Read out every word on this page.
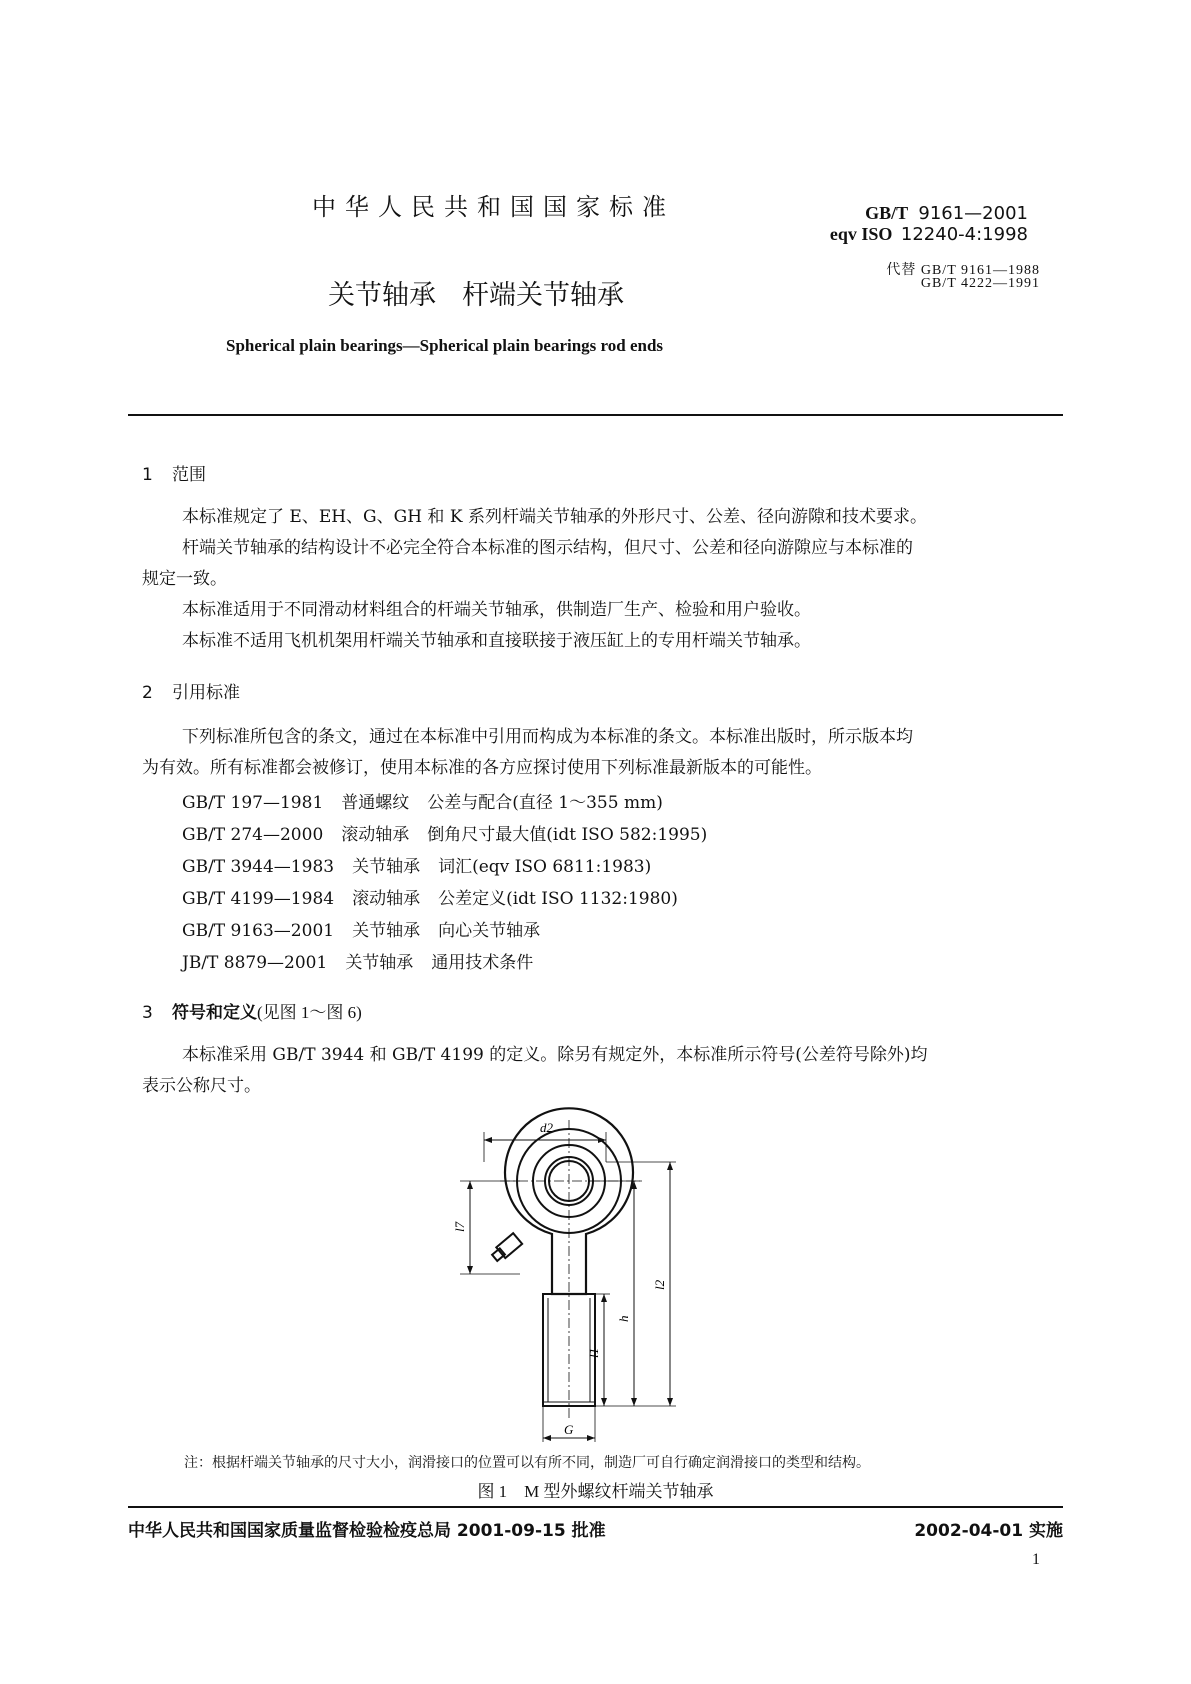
中华人民共和国国家标准	GB/T 9161—2001
eqv ISO 12240-4:1998
代替 GB/T 9161—1988
GB/T 4222—1991
关节轴承 杆端关节轴承
Spherical plain bearings—Spherical plain bearings rod ends
1 范围
本标准规定了 E、EH、G、GH 和 K 系列杆端关节轴承的外形尺寸、公差、径向游隙和技术要求。
杆端关节轴承的结构设计不必完全符合本标准的图示结构，但尺寸、公差和径向游隙应与本标准的
规定一致。
本标准适用于不同滑动材料组合的杆端关节轴承，供制造厂生产、检验和用户验收。
本标准不适用飞机机架用杆端关节轴承和直接联接于液压缸上的专用杆端关节轴承。
2 引用标准
下列标准所包含的条文，通过在本标准中引用而构成为本标准的条文。本标准出版时，所示版本均
为有效。所有标准都会被修订，使用本标准的各方应探讨使用下列标准最新版本的可能性。
GB/T 197—1981 普通螺纹 公差与配合(直径 1～355 mm)
GB/T 274—2000 滚动轴承 倒角尺寸最大值(idt ISO 582:1995)
GB/T 3944—1983 关节轴承 词汇(eqv ISO 6811:1983)
GB/T 4199—1984 滚动轴承 公差定义(idt ISO 1132:1980)
GB/T 9163—2001 关节轴承 向心关节轴承
JB/T 8879—2001 关节轴承 通用技术条件
3 符号和定义(见图 1～图 6)
本标准采用 GB/T 3944 和 GB/T 4199 的定义。除另有规定外，本标准所示符号(公差符号除外)均
表示公称尺寸。
d2
l7
l2
h
l1
G
注：根据杆端关节轴承的尺寸大小，润滑接口的位置可以有所不同，制造厂可自行确定润滑接口的类型和结构。
图 1　M 型外螺纹杆端关节轴承
中华人民共和国国家质量监督检验检疫总局 2001-09-15 批准	2002-04-01 实施
1
